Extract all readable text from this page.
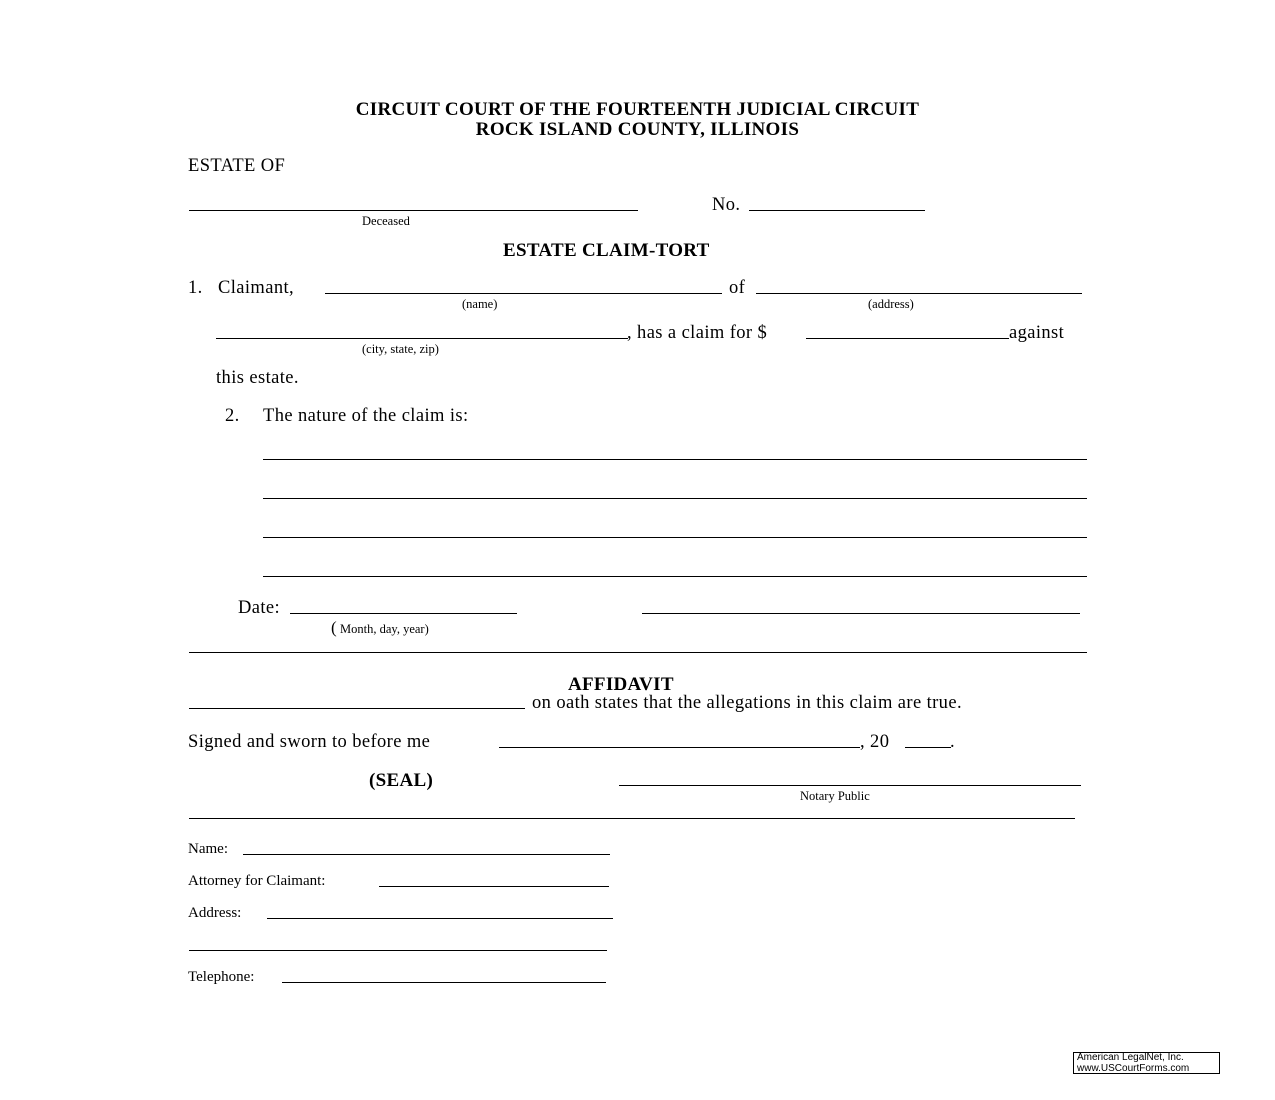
CIRCUIT COURT OF THE FOURTEENTH JUDICIAL CIRCUIT
ROCK ISLAND COUNTY, ILLINOIS
ESTATE OF
Deceased
No.
ESTATE CLAIM-TORT
1. Claimant,
(name)
of
(address)
(city, state, zip)
, has a claim for $	against
this estate.
2. The nature of the claim is:
Date:
( Month, day, year)
AFFIDAVIT
on oath states that the allegations in this claim are true.
Signed and sworn to before me	, 20	.
(SEAL)
Notary Public
Name:
Attorney for Claimant:
Address:
Telephone:
American LegalNet, Inc.
www.USCourtForms.com
